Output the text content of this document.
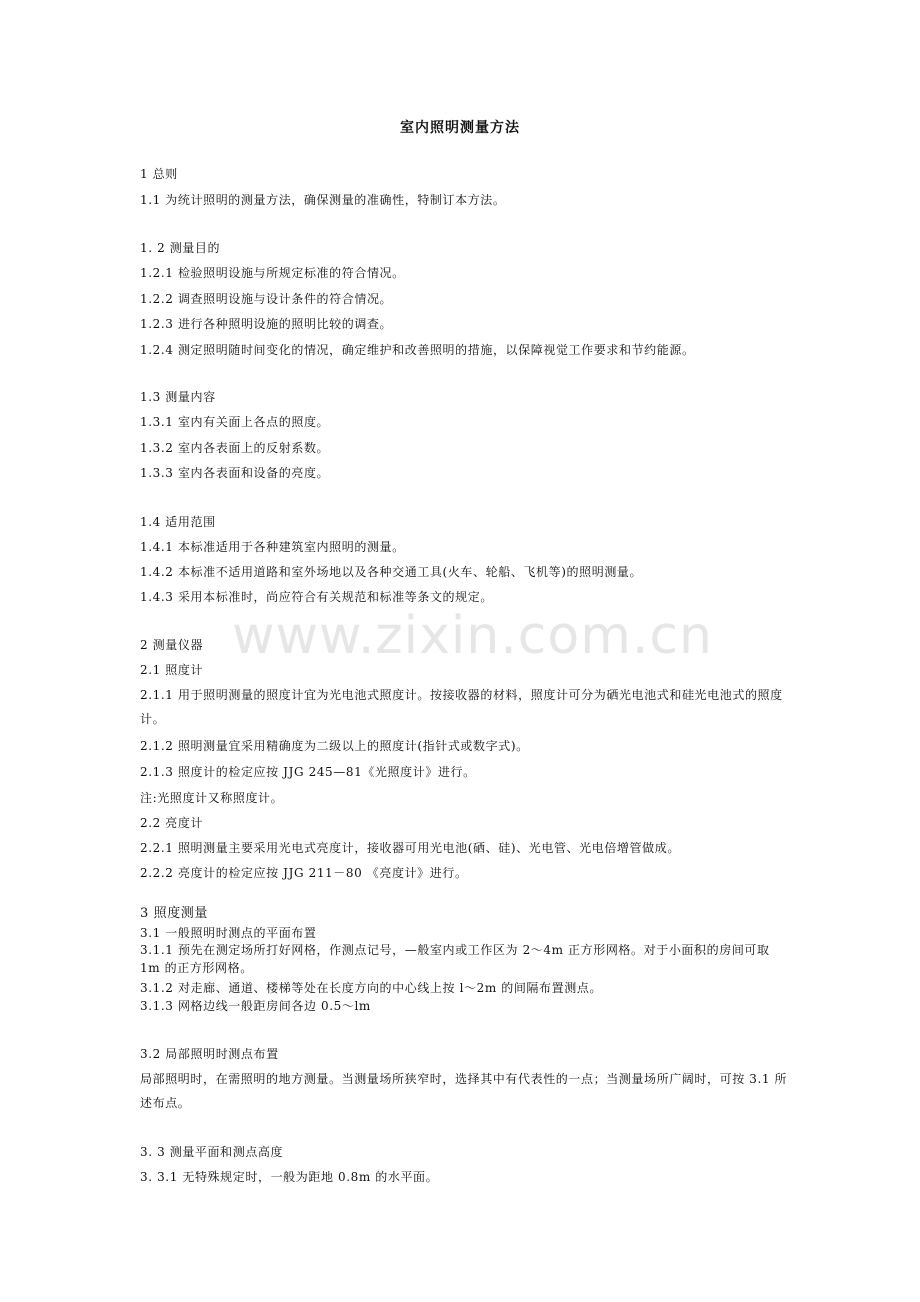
www.zixin.com.cn
室内照明测量方法
1 总则
1.1 为统计照明的测量方法，确保测量的准确性，特制订本方法。
1. 2 测量目的
1.2.1 检验照明设施与所规定标准的符合情况。
1.2.2 调查照明设施与设计条件的符合情况。
1.2.3 进行各种照明设施的照明比较的调查。
1.2.4 测定照明随时间变化的情况，确定维护和改善照明的措施，以保障视觉工作要求和节约能源。
1.3 测量内容
1.3.1 室内有关面上各点的照度。
1.3.2 室内各表面上的反射系数。
1.3.3 室内各表面和设备的亮度。
1.4 适用范围
1.4.1 本标准适用于各种建筑室内照明的测量。
1.4.2 本标准不适用道路和室外场地以及各种交通工具(火车、轮船、飞机等)的照明测量。
1.4.3 采用本标准时，尚应符合有关规范和标准等条文的规定。
2 测量仪器
2.1 照度计
2.1.1 用于照明测量的照度计宜为光电池式照度计。按接收器的材料，照度计可分为硒光电池式和硅光电池式的照度计。
2.1.2 照明测量宜采用精确度为二级以上的照度计(指针式或数字式)。
2.1.3 照度计的检定应按 JJG 245—81《光照度计》进行。
注:光照度计又称照度计。
2.2 亮度计
2.2.1 照明测量主要采用光电式亮度计，接收器可用光电池(硒、硅)、光电管、光电倍增管做成。
2.2.2 亮度计的检定应按 JJG 211－80 《亮度计》进行。
3 照度测量
3.1 一般照明时测点的平面布置
3.1.1 预先在测定场所打好网格，作测点记号，—般室内或工作区为 2～4m 正方形网格。对于小面积的房间可取 1m 的正方形网格。
3.1.2 对走廊、通道、楼梯等处在长度方向的中心线上按 l～2m 的间隔布置测点。
3.1.3 网格边线一般距房间各边 0.5～lm
3.2 局部照明时测点布置
局部照明时，在需照明的地方测量。当测量场所狭窄时，选择其中有代表性的一点；当测量场所广阔时，可按 3.1 所述布点。
3. 3 测量平面和测点高度
3. 3.1 无特殊规定时，一般为距地 0.8m 的水平面。
